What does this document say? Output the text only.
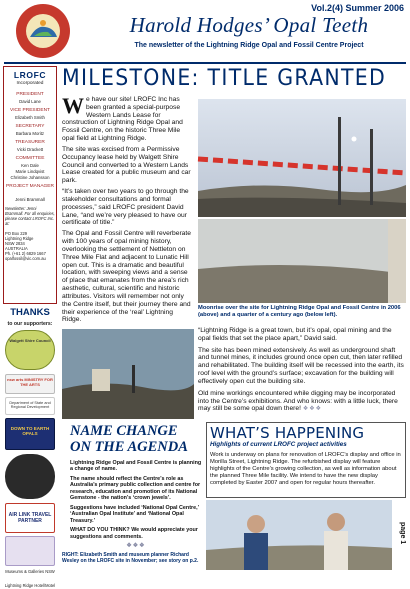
Vol.2(4) Summer 2006
Harold Hodges’ Opal Teeth
The newsletter of the Lightning Ridge Opal and Fossil Centre Project
LROFC
Incorporated
PRESIDENT
David Lane
VICE PRESIDENT
Elizabeth Smith
SECRETARY
Barbara Moritz
TREASURER
Vicki Drackett
COMMITTEE
Ken Dale
Marie Lindqvist
Christine Johansson
PROJECT MANAGER
Jenni Brammall
Newsletter: Jenni Brammall. For all enquiries, please contact LROFC Inc. at:
PO Box 229
Lightning Ridge
NSW 2834
AUSTRALIA
Ph. (+61 2) 6829 1667
opalfossil@vic.com.au
THANKS
to our supporters:
Walgett Shire Council
nsw arts MINISTRY FOR THE ARTS
Department of State and Regional Development
DOWN TO EARTH OPALS
AIR LINK TRAVEL PARTNER
Museums & Galleries NSW
Lightning Ridge Hotel/Motel
MILESTONE: TITLE GRANTED
W e have our site! LROFC Inc has been granted a special-purpose Western Lands Lease for construction of Lightning Ridge Opal and Fossil Centre, on the historic Three Mile opal field at Lightning Ridge.

The site was excised from a Permissive Occupancy lease held by Walgett Shire Council and converted to a Western Lands Lease created for a public museum and car park.

“It’s taken over two years to go through the stakeholder consultations and formal processes,” said LROFC president David Lane, “and we’re very pleased to have our certificate of title.”

The Opal and Fossil Centre will reverberate with 100 years of opal mining history, overlooking the settlement of Nettleton on Three Mile Flat and adjacent to Lunatic Hill open cut. This is a dramatic and beautiful location, with sweeping views and a sense of place that emanates from the area’s rich aesthetic, cultural, scientific and historic attributes. Visitors will remember not only the Centre itself, but their journey there and their experience of the ‘real’ Lightning Ridge.

Moonrise over the site for Lightning Ridge Opal and Fossil Centre in 2006 (above) and a quarter of a century ago (below left).

“Lightning Ridge is a great town, but it’s opal, opal mining and the opal fields that set the place apart,” David said.

The site has been mined extensively. As well as underground shaft and tunnel mines, it includes ground once open cut, then later refilled and rehabilitated. The building itself will be recessed into the earth, its roof level with the ground’s surface; excavation for the building will effectively open cut the building site.

Old mine workings encountered while digging may be incorporated into the Centre’s exhibitions. And who knows: with a little luck, there may still be some opal down there! ❖❖❖

NAME CHANGE ON THE AGENDA

Lightning Ridge Opal and Fossil Centre is planning a change of name.

The name should reflect the Centre’s role as Australia’s primary public collection and centre for research, education and promotion of its National Gemstone - the nation’s ‘crown jewels’.

Suggestions have included ‘National Opal Centre,’ ‘Australian Opal Institute’ and ‘National Opal Treasury.’

WHAT DO YOU THINK? We would appreciate your suggestions and comments.

❖❖❖

RIGHT: Elizabeth Smith and museum planner Richard Wesley on the LROFC site in November; see story on p.2.
WHAT’S HAPPENING
Highlights of current LROFC project activities
Work is underway on plans for renovation of LROFC’s display and office in Morilla Street, Lightning Ridge. The refurbished display will feature highlights of the Centre’s growing collection, as well as information about the planned Three Mile facility. We intend to have the new display completed by Easter 2007 and open for regular hours thereafter.
page 1
